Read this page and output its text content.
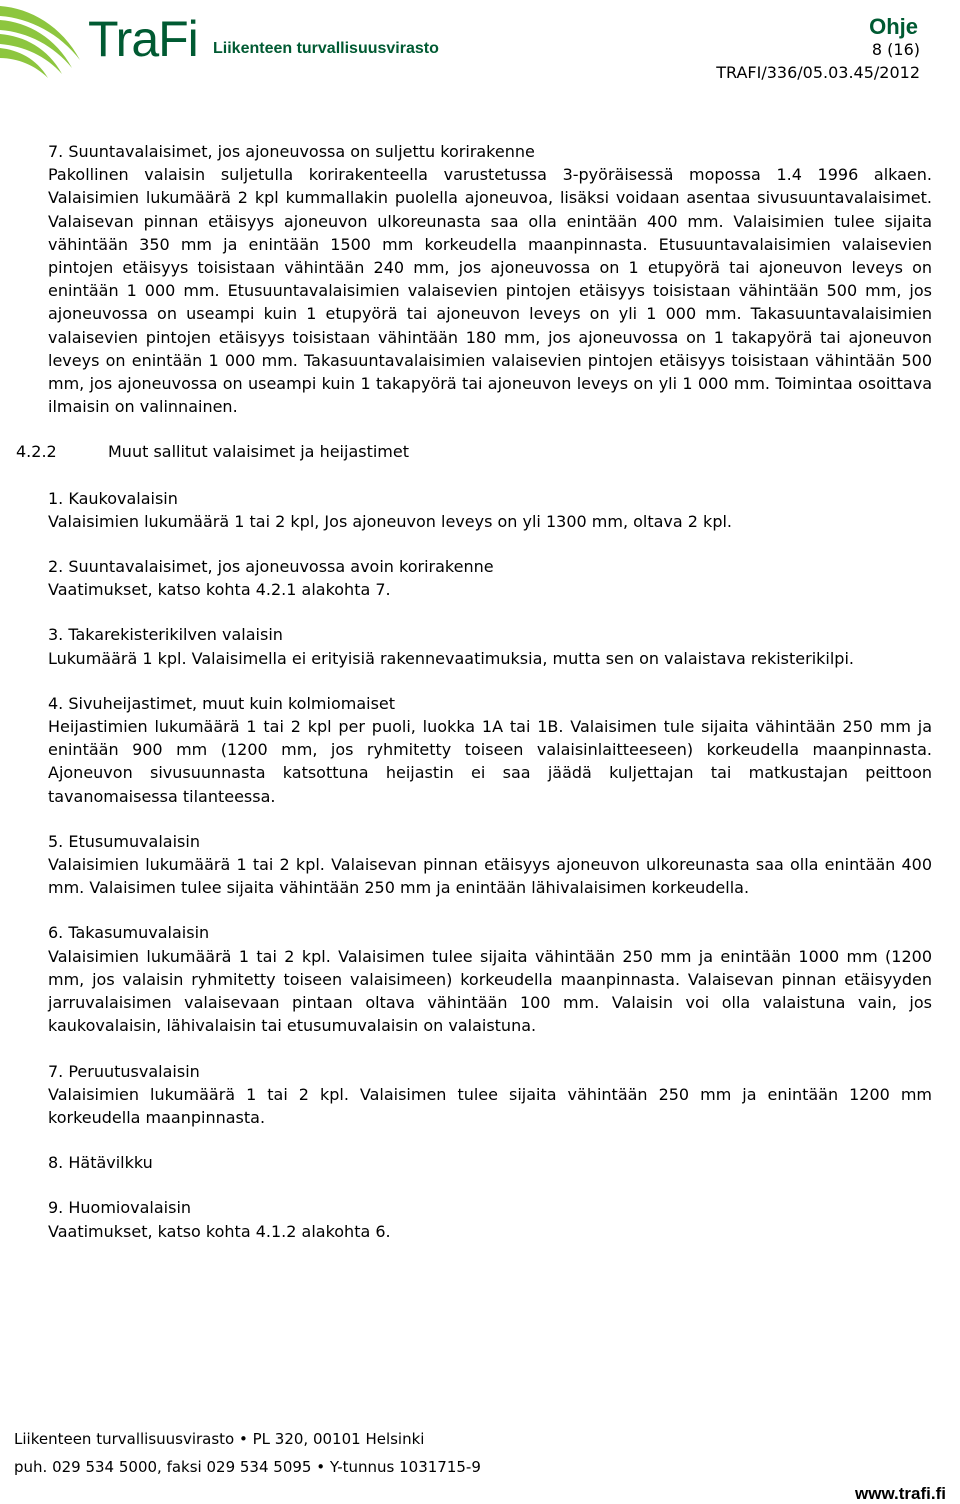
TraFi Liikenteen turvallisuusvirasto
Ohje
8 (16)
TRAFI/336/05.03.45/2012
7. Suuntavalaisimet, jos ajoneuvossa on suljettu korirakenne

Pakollinen valaisin suljetulla korirakenteella varustetussa 3-pyöräisessä mopossa 1.4 1996 alkaen. Valaisimien lukumäärä 2 kpl kummallakin puolella ajoneuvoa, lisäksi voidaan asentaa sivusuuntavalaisimet. Valaisevan pinnan etäisyys ajoneuvon ulkoreunasta saa olla enintään 400 mm. Valaisimien tulee sijaita vähintään 350 mm ja enintään 1500 mm korkeudella maanpinnasta. Etusuuntavalaisimien valaisevien pintojen etäisyys toisistaan vähintään 240 mm, jos ajoneuvossa on 1 etupyörä tai ajoneuvon leveys on enintään 1 000 mm. Etusuuntavalaisimien valaisevien pintojen etäisyys toisistaan vähintään 500 mm, jos ajoneuvossa on useampi kuin 1 etupyörä tai ajoneuvon leveys on yli 1 000 mm. Takasuuntavalaisimien valaisevien pintojen etäisyys toisistaan vähintään 180 mm, jos ajoneuvossa on 1 takapyörä tai ajoneuvon leveys on enintään 1 000 mm. Takasuuntavalaisimien valaisevien pintojen etäisyys toisistaan vähintään 500 mm, jos ajoneuvossa on useampi kuin 1 takapyörä tai ajoneuvon leveys on yli 1 000 mm. Toimintaa osoittava ilmaisin on valinnainen.

4.2.2	Muut sallitut valaisimet ja heijastimet
1. Kaukovalaisin

Valaisimien lukumäärä 1 tai 2 kpl, Jos ajoneuvon leveys on yli 1300 mm, oltava 2 kpl.

2. Suuntavalaisimet, jos ajoneuvossa avoin korirakenne

Vaatimukset, katso kohta 4.2.1 alakohta 7.

3. Takarekisterikilven valaisin

Lukumäärä 1 kpl. Valaisimella ei erityisiä rakennevaatimuksia, mutta sen on valaistava rekisterikilpi.

4. Sivuheijastimet, muut kuin kolmiomaiset

Heijastimien lukumäärä 1 tai 2 kpl per puoli, luokka 1A tai 1B. Valaisimen tule sijaita vähintään 250 mm ja enintään 900 mm (1200 mm, jos ryhmitetty toiseen valaisinlaitteeseen) korkeudella maanpinnasta. Ajoneuvon sivusuunnasta katsottuna heijastin ei saa jäädä kuljettajan tai matkustajan peittoon tavanomaisessa tilanteessa.

5. Etusumuvalaisin

Valaisimien lukumäärä 1 tai 2 kpl. Valaisevan pinnan etäisyys ajoneuvon ulkoreunasta saa olla enintään 400 mm. Valaisimen tulee sijaita vähintään 250 mm ja enintään lähivalaisimen korkeudella.

6. Takasumuvalaisin

Valaisimien lukumäärä 1 tai 2 kpl. Valaisimen tulee sijaita vähintään 250 mm ja enintään 1000 mm (1200 mm, jos valaisin ryhmitetty toiseen valaisimeen) korkeudella maanpinnasta. Valaisevan pinnan etäisyyden jarruvalaisimen valaisevaan pintaan oltava vähintään 100 mm. Valaisin voi olla valaistuna vain, jos kaukovalaisin, lähivalaisin tai etusumuvalaisin on valaistuna.

7. Peruutusvalaisin

Valaisimien lukumäärä 1 tai 2 kpl. Valaisimen tulee sijaita vähintään 250 mm ja enintään 1200 mm korkeudella maanpinnasta.

8. Hätävilkku
9. Huomiovalaisin

Vaatimukset, katso kohta 4.1.2 alakohta 6.

Liikenteen turvallisuusvirasto • PL 320, 00101 Helsinki
puh. 029 534 5000, faksi 029 534 5095 • Y-tunnus 1031715-9
www.trafi.fi
